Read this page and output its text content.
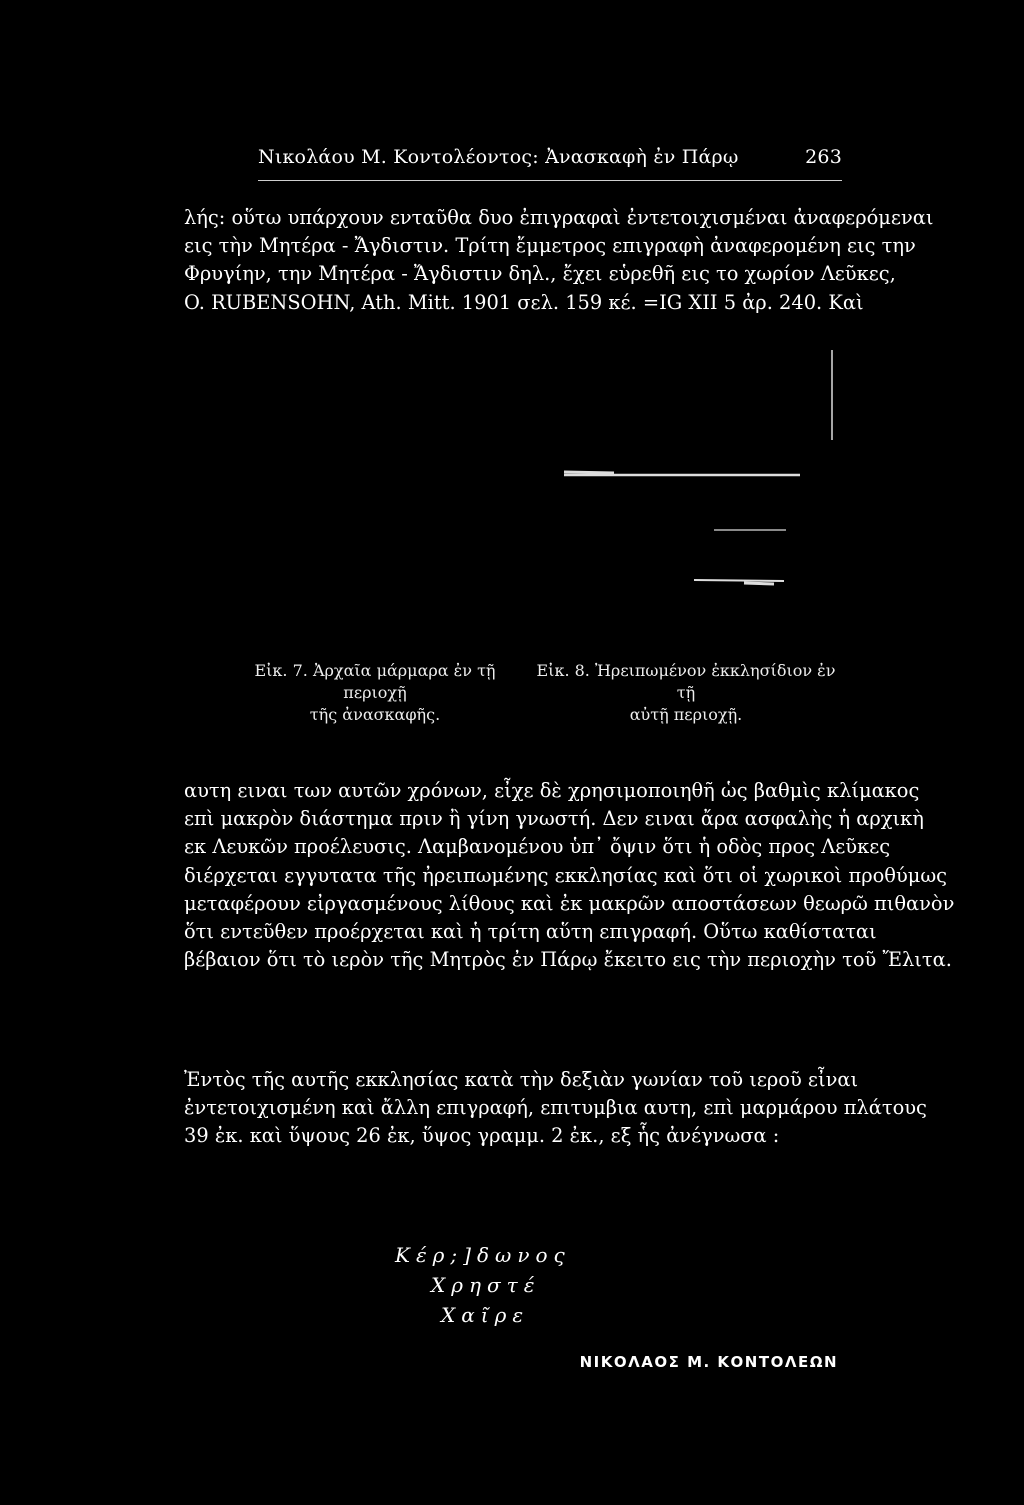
Νικολάου Μ. Κοντολέοντος: Ἀνασκαφὴ ἐν Πάρῳ	263
λής: οὕτω υπάρχουν ενταῦθα δυο ἐπιγραφαὶ ἐντετοιχισμέναι ἀναφερόμεναι
εις τὴν Μητέρα - Ἄγδιστιν. Τρίτη ἔμμετρος επιγραφὴ ἀναφερομένη εις την
Φρυγίην, την Μητέρα - Ἄγδιστιν δηλ., ἔχει εὑρεθῆ εις το χωρίον Λεῦκες,
O. RUBENSOHN, Ath. Mitt. 1901 σελ. 159 κέ. =IG XII 5 ἀρ. 240. Καὶ
Εἰκ. 7. Ἀρχαῖα μάρμαρα ἐν τῇ περιοχῇ
τῆς ἀνασκαφῆς.
Εἰκ. 8. Ἠρειπωμένον ἐκκλησίδιον ἐν τῇ
αὐτῇ περιοχῇ.
αυτη ειναι των αυτῶν χρόνων, εἶχε δὲ χρησιμοποιηθῆ ὡς βαθμὶς κλίμακος
επὶ μακρὸν διάστημα πριν ἢ γίνη γνωστή. Δεν ειναι ἄρα ασφαλὴς ἡ αρχικὴ
εκ Λευκῶν προέλευσις. Λαμβανομένου ὑπ᾿ ὄψιν ὅτι ἡ οδὸς προς Λεῦκες
διέρχεται εγγυτατα τῆς ἠρειπωμένης εκκλησίας καὶ ὅτι οἱ χωρικοὶ προθύμως
μεταφέρουν εἰργασμένους λίθους καὶ ἐκ μακρῶν αποστάσεων θεωρῶ πιθανὸν
ὅτι εντεῦθεν προέρχεται καὶ ἡ τρίτη αὕτη επιγραφή. Οὕτω καθίσταται
βέβαιον ὅτι τὸ ιερὸν τῆς Μητρὸς ἐν Πάρῳ ἔκειτο εις τὴν περιοχὴν τοῦ Ἔλιτα.
Ἐντὸς τῆς αυτῆς εκκλησίας κατὰ τὴν δεξιὰν γωνίαν τοῦ ιεροῦ εἶναι
ἐντετοιχισμένη καὶ ἄλλη επιγραφή, επιτυμβια αυτη, επὶ μαρμάρου πλάτους
39 ἐκ. καὶ ὕψους 26 ἐκ, ὕψος γραμμ. 2 ἐκ., εξ ἧς ἀνέγνωσα :
Κέρ;]δωνος
Χρηστέ
Χαῖρε
ΝΙΚΟΛΑΟΣ Μ. ΚΟΝΤΟΛΕΩΝ
